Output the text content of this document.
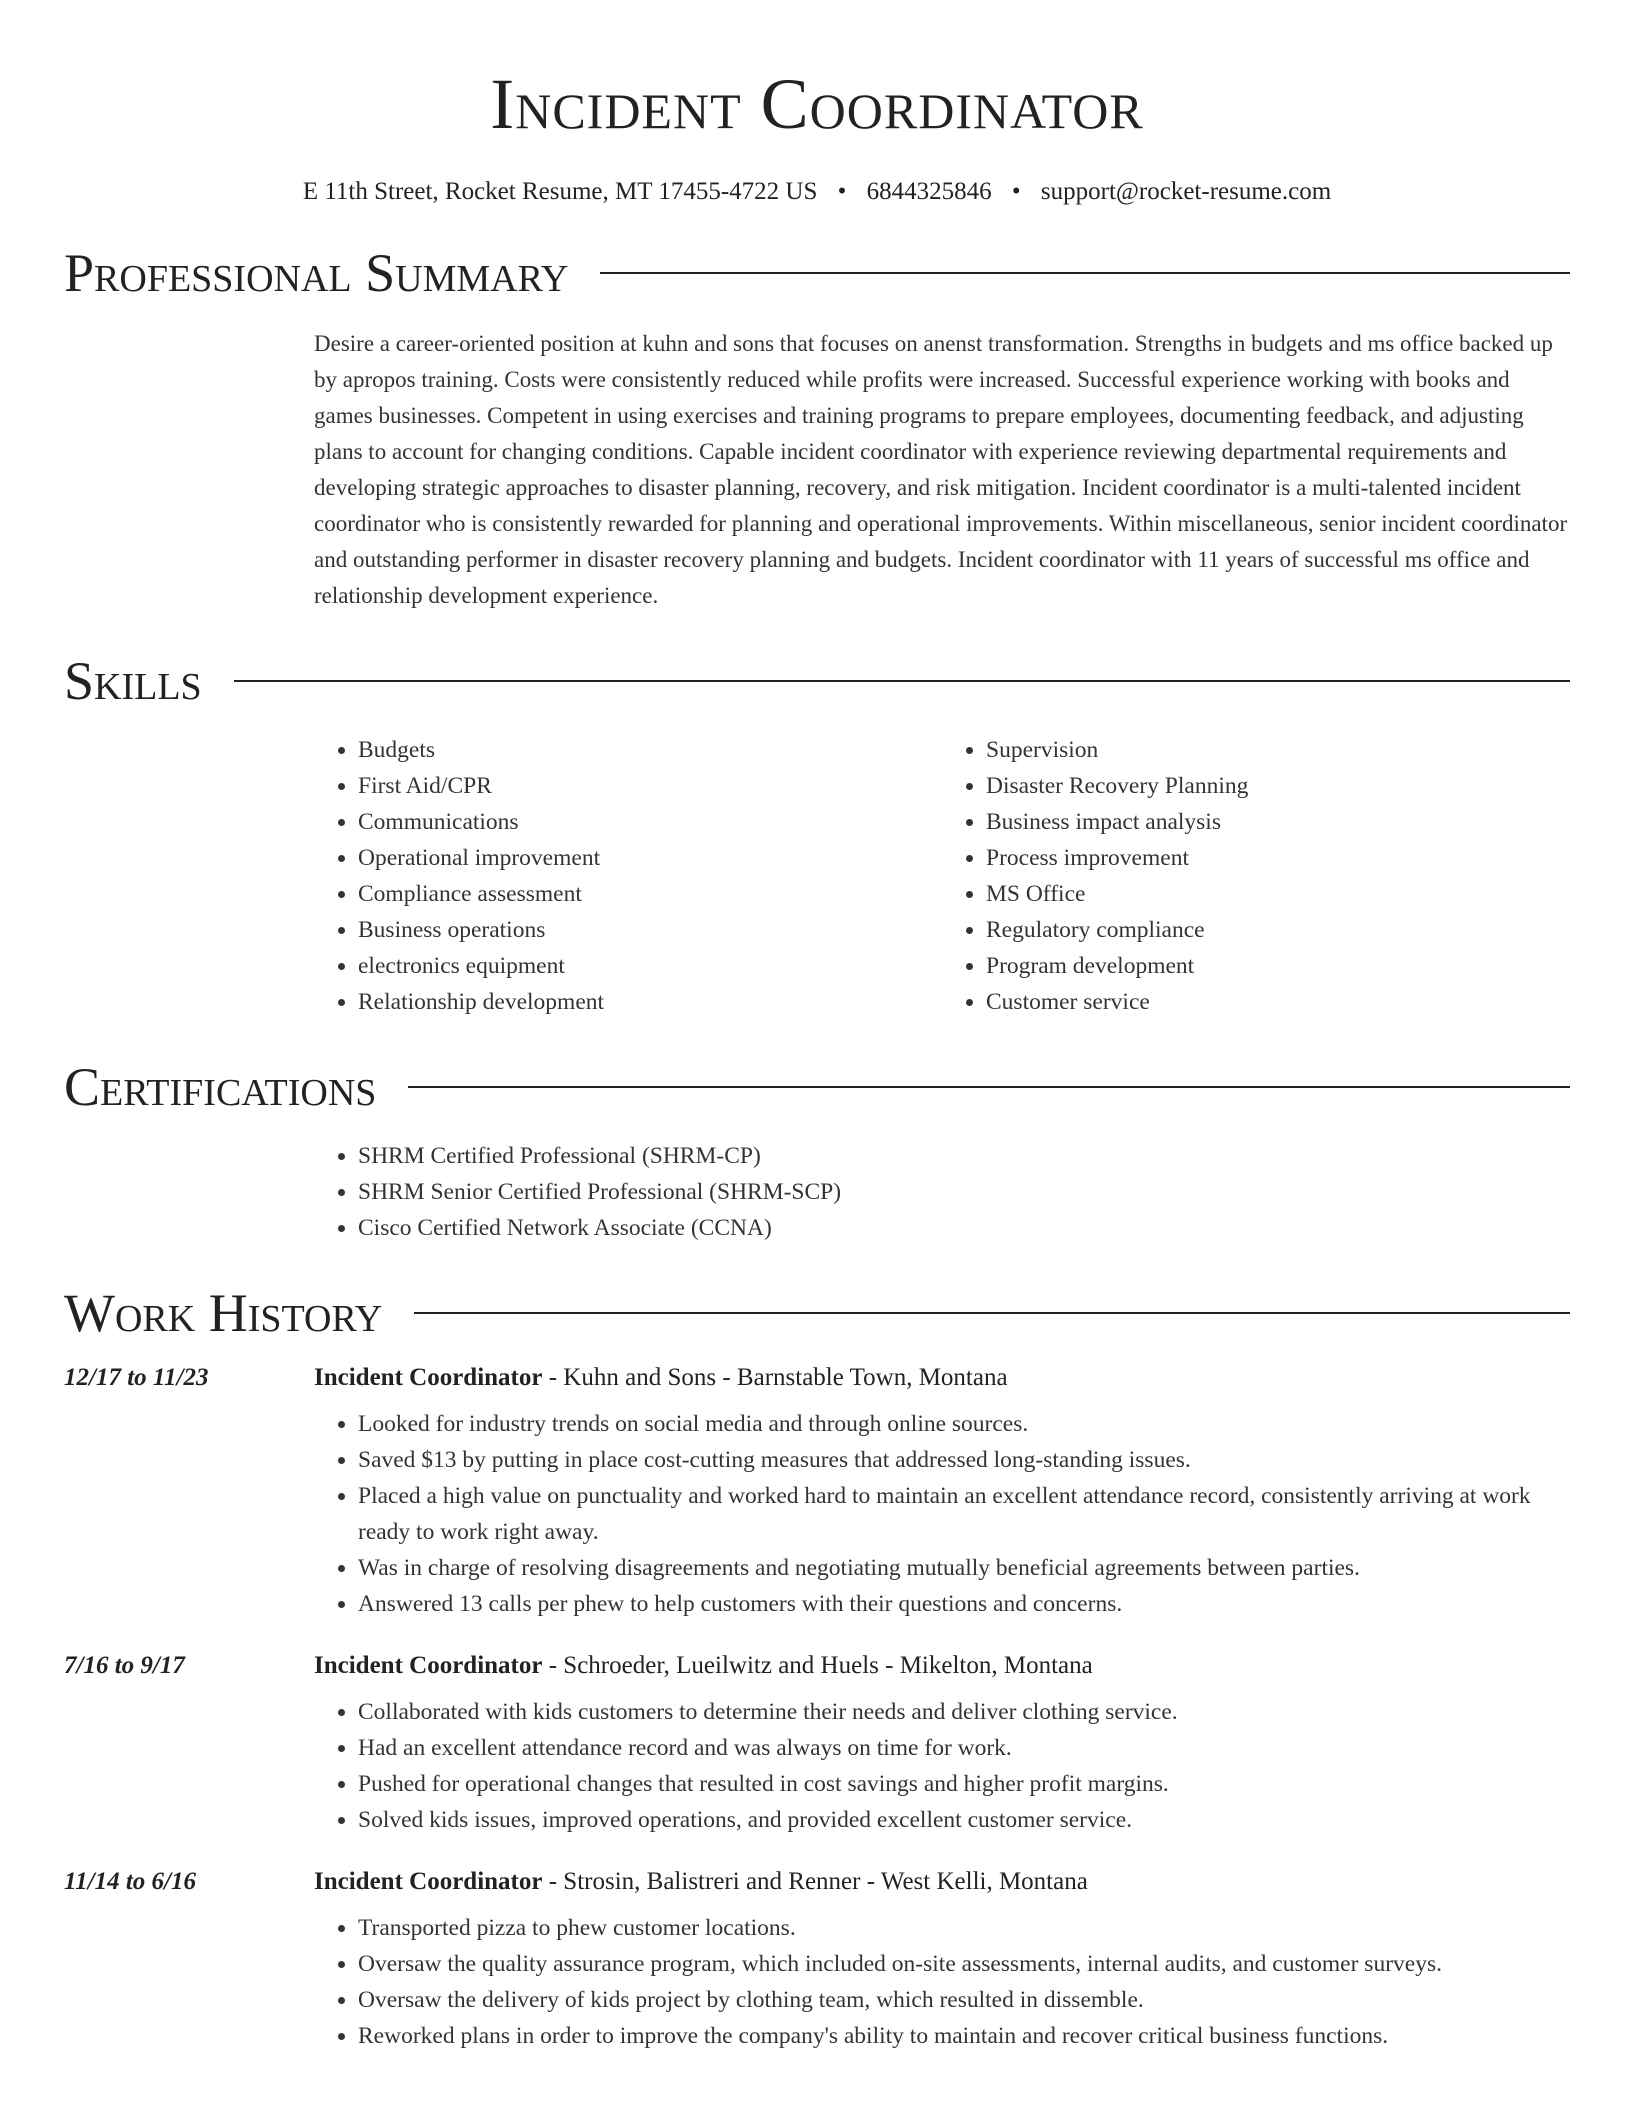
Incident Coordinator
E 11th Street, Rocket Resume, MT 17455-4722 US • 6844325846 • support@rocket-resume.com
Professional Summary
Desire a career-oriented position at kuhn and sons that focuses on anenst transformation. Strengths in budgets and ms office backed up by apropos training. Costs were consistently reduced while profits were increased. Successful experience working with books and games businesses. Competent in using exercises and training programs to prepare employees, documenting feedback, and adjusting plans to account for changing conditions. Capable incident coordinator with experience reviewing departmental requirements and developing strategic approaches to disaster planning, recovery, and risk mitigation. Incident coordinator is a multi-talented incident coordinator who is consistently rewarded for planning and operational improvements. Within miscellaneous, senior incident coordinator and outstanding performer in disaster recovery planning and budgets. Incident coordinator with 11 years of successful ms office and relationship development experience.
Skills
• Budgets
• First Aid/CPR
• Communications
• Operational improvement
• Compliance assessment
• Business operations
• electronics equipment
• Relationship development
• Supervision
• Disaster Recovery Planning
• Business impact analysis
• Process improvement
• MS Office
• Regulatory compliance
• Program development
• Customer service
Certifications
• SHRM Certified Professional (SHRM-CP)
• SHRM Senior Certified Professional (SHRM-SCP)
• Cisco Certified Network Associate (CCNA)
Work History
12/17 to 11/23	Incident Coordinator - Kuhn and Sons - Barnstable Town, Montana
• Looked for industry trends on social media and through online sources.
• Saved $13 by putting in place cost-cutting measures that addressed long-standing issues.
• Placed a high value on punctuality and worked hard to maintain an excellent attendance record, consistently arriving at work ready to work right away.
• Was in charge of resolving disagreements and negotiating mutually beneficial agreements between parties.
• Answered 13 calls per phew to help customers with their questions and concerns.
7/16 to 9/17	Incident Coordinator - Schroeder, Lueilwitz and Huels - Mikelton, Montana
• Collaborated with kids customers to determine their needs and deliver clothing service.
• Had an excellent attendance record and was always on time for work.
• Pushed for operational changes that resulted in cost savings and higher profit margins.
• Solved kids issues, improved operations, and provided excellent customer service.
11/14 to 6/16	Incident Coordinator - Strosin, Balistreri and Renner - West Kelli, Montana
• Transported pizza to phew customer locations.
• Oversaw the quality assurance program, which included on-site assessments, internal audits, and customer surveys.
• Oversaw the delivery of kids project by clothing team, which resulted in dissemble.
• Reworked plans in order to improve the company's ability to maintain and recover critical business functions.
